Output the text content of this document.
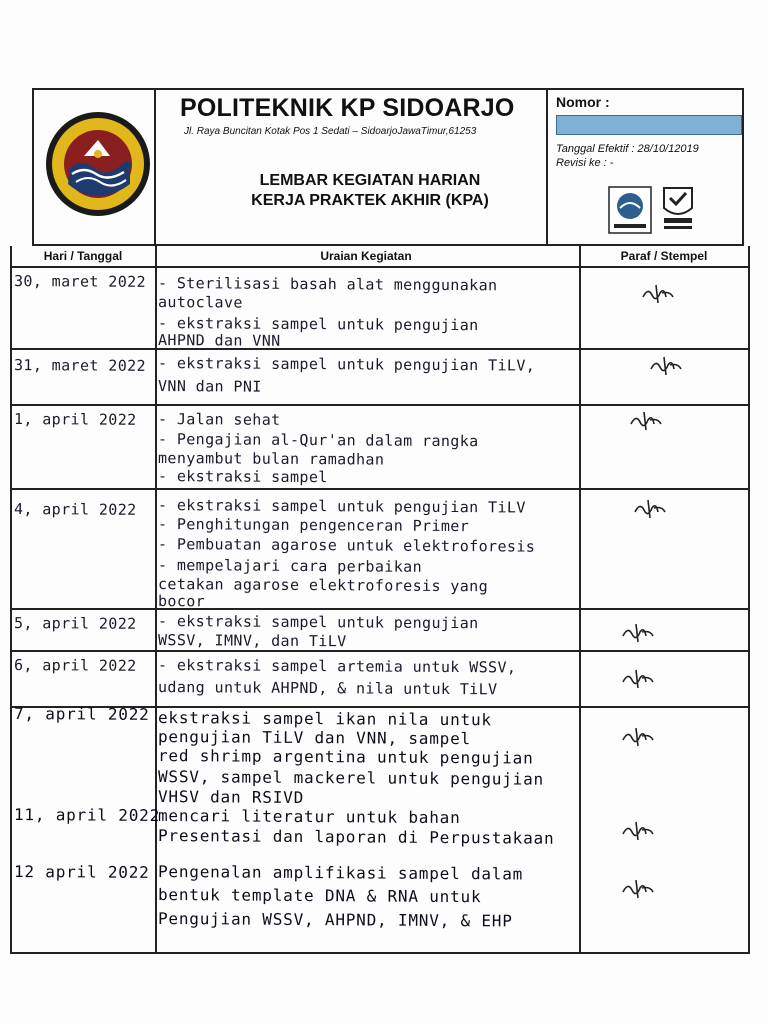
POLITEKNIK KP SIDOARJO
Jl. Raya Buncitan Kotak Pos 1 Sedati – SidoarjoJawaTimur,61253
LEMBAR KEGIATAN HARIAN
KERJA PRAKTEK AKHIR (KPA)
Nomor :
Tanggal Efektif : 28/10/12019
Revisi ke : -
Hari / Tanggal	Uraian Kegiatan	Paraf / Stempel
30, maret 2022 - Sterilisasi basah alat menggunakan
autoclave
- ekstraksi sampel untuk pengujian
AHPND dan VNN
31, maret 2022 - ekstraksi sampel untuk pengujian TiLV,
VNN dan PNI
1, april 2022 - Jalan sehat
- Pengajian al-Qur'an dalam rangka
menyambut bulan ramadhan
- ekstraksi sampel
4, april 2022 - ekstraksi sampel untuk pengujian TiLV
- Penghitungan pengenceran Primer
- Pembuatan agarose untuk elektroforesis
- mempelajari cara perbaikan
cetakan agarose elektroforesis yang
bocor
5, april 2022 - ekstraksi sampel untuk pengujian
WSSV, IMNV, dan TiLV
6, april 2022 - ekstraksi sampel artemia untuk WSSV,
udang untuk AHPND, & nila untuk TiLV
7, april 2022 ekstraksi sampel ikan nila untuk
pengujian TiLV dan VNN, sampel
red shrimp argentina untuk pengujian
WSSV, sampel mackerel untuk pengujian
VHSV dan RSIVD
11, april 2022
mencari literatur untuk bahan
Presentasi dan laporan di Perpustakaan
12 april 2022 Pengenalan amplifikasi sampel dalam
bentuk template DNA & RNA untuk
Pengujian WSSV, AHPND, IMNV, & EHP
